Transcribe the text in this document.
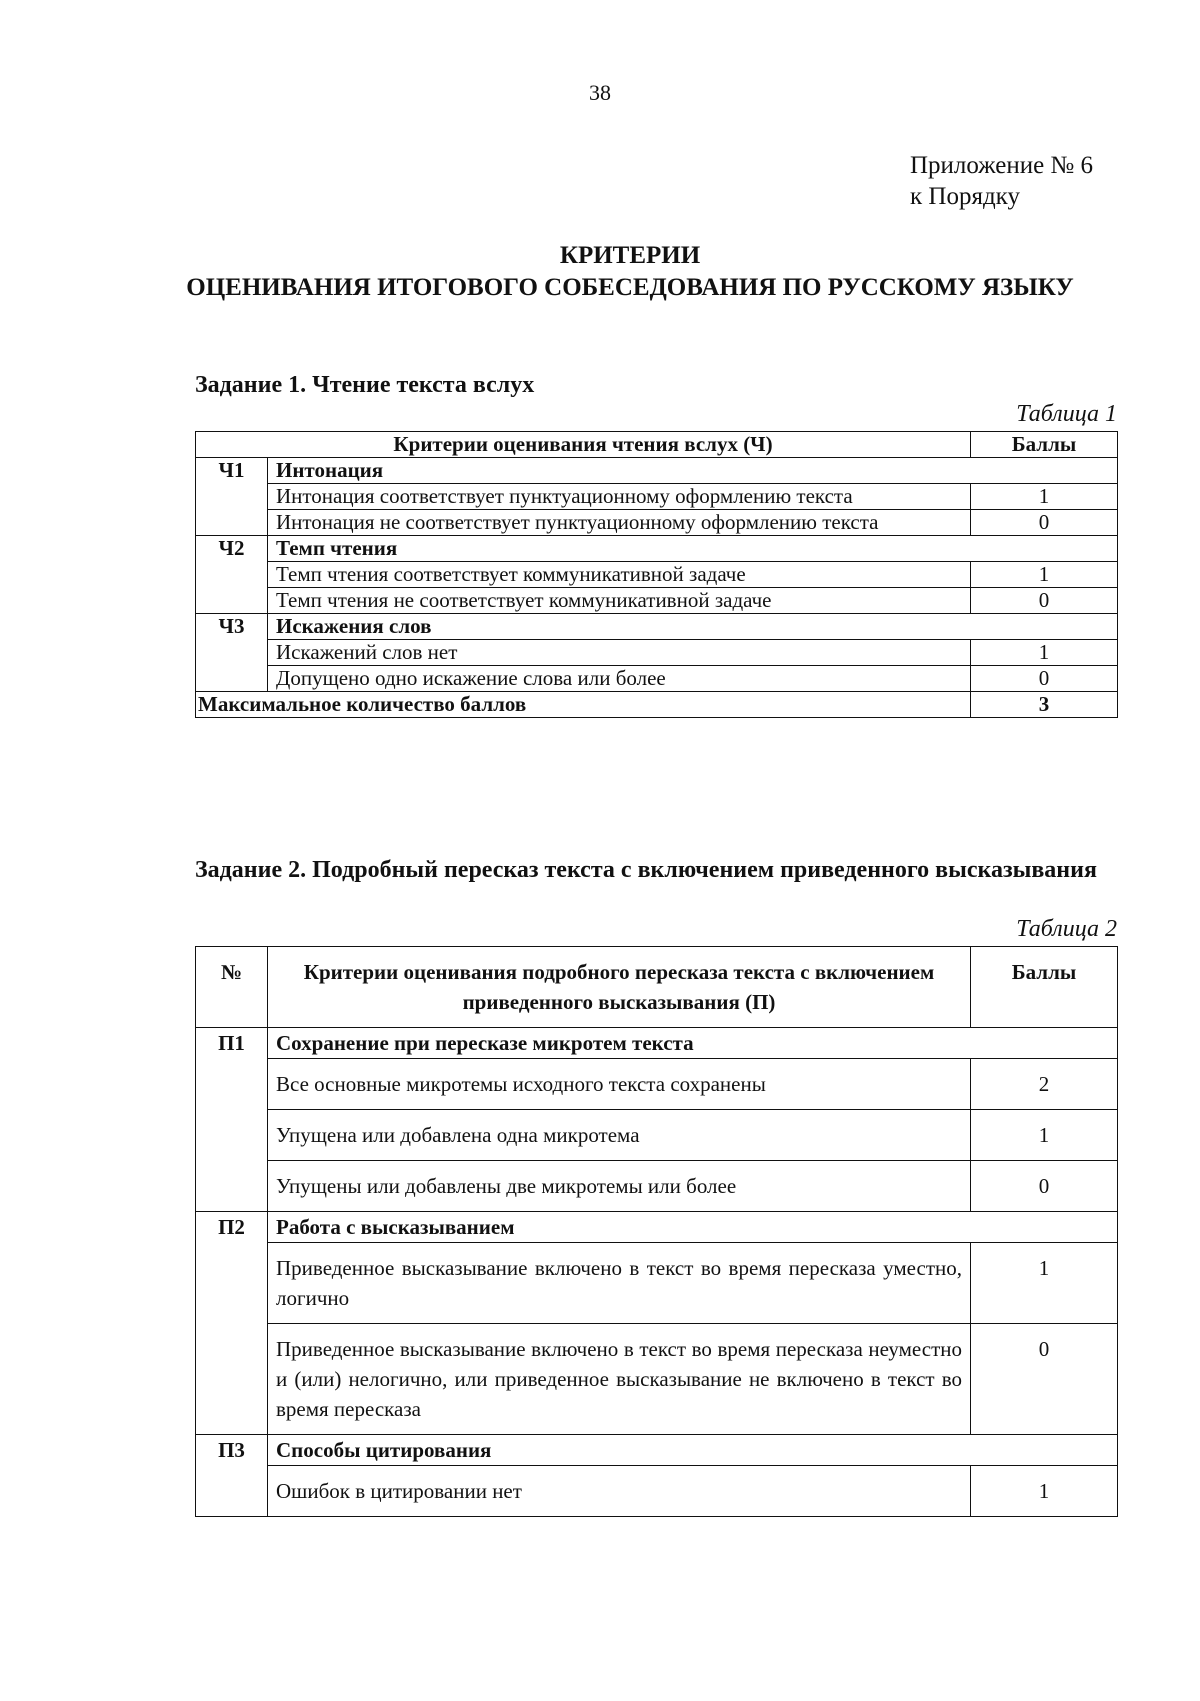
38
Приложение № 6
к Порядку
КРИТЕРИИ
ОЦЕНИВАНИЯ ИТОГОВОГО СОБЕСЕДОВАНИЯ ПО РУССКОМУ ЯЗЫКУ
Задание 1. Чтение текста вслух
Таблица 1
Критерии оценивания чтения вслух (Ч)		Баллы
Ч1	Интонация	
	Интонация соответствует пунктуационному оформлению текста	1
	Интонация не соответствует пунктуационному оформлению текста	0
Ч2	Темп чтения	
	Темп чтения соответствует коммуникативной задаче	1
	Темп чтения не соответствует коммуникативной задаче	0
Ч3	Искажения слов	
	Искажений слов нет	1
	Допущено одно искажение слова или более	0
Максимальное количество баллов		3
Задание 2. Подробный пересказ текста с включением приведенного высказывания
Таблица 2
№	Критерии оценивания подробного пересказа текста с включением приведенного высказывания (П)	Баллы
П1	Сохранение при пересказе микротем текста	
	Все основные микротемы исходного текста сохранены	2
	Упущена или добавлена одна микротема	1
	Упущены или добавлены две микротемы или более	0
П2	Работа с высказыванием	
	Приведенное высказывание включено в текст во время пересказа уместно, логично	1
	Приведенное высказывание включено в текст во время пересказа неуместно и (или) нелогично, или приведенное высказывание не включено в текст во время пересказа	0
П3	Способы цитирования	
	Ошибок в цитировании нет	1
